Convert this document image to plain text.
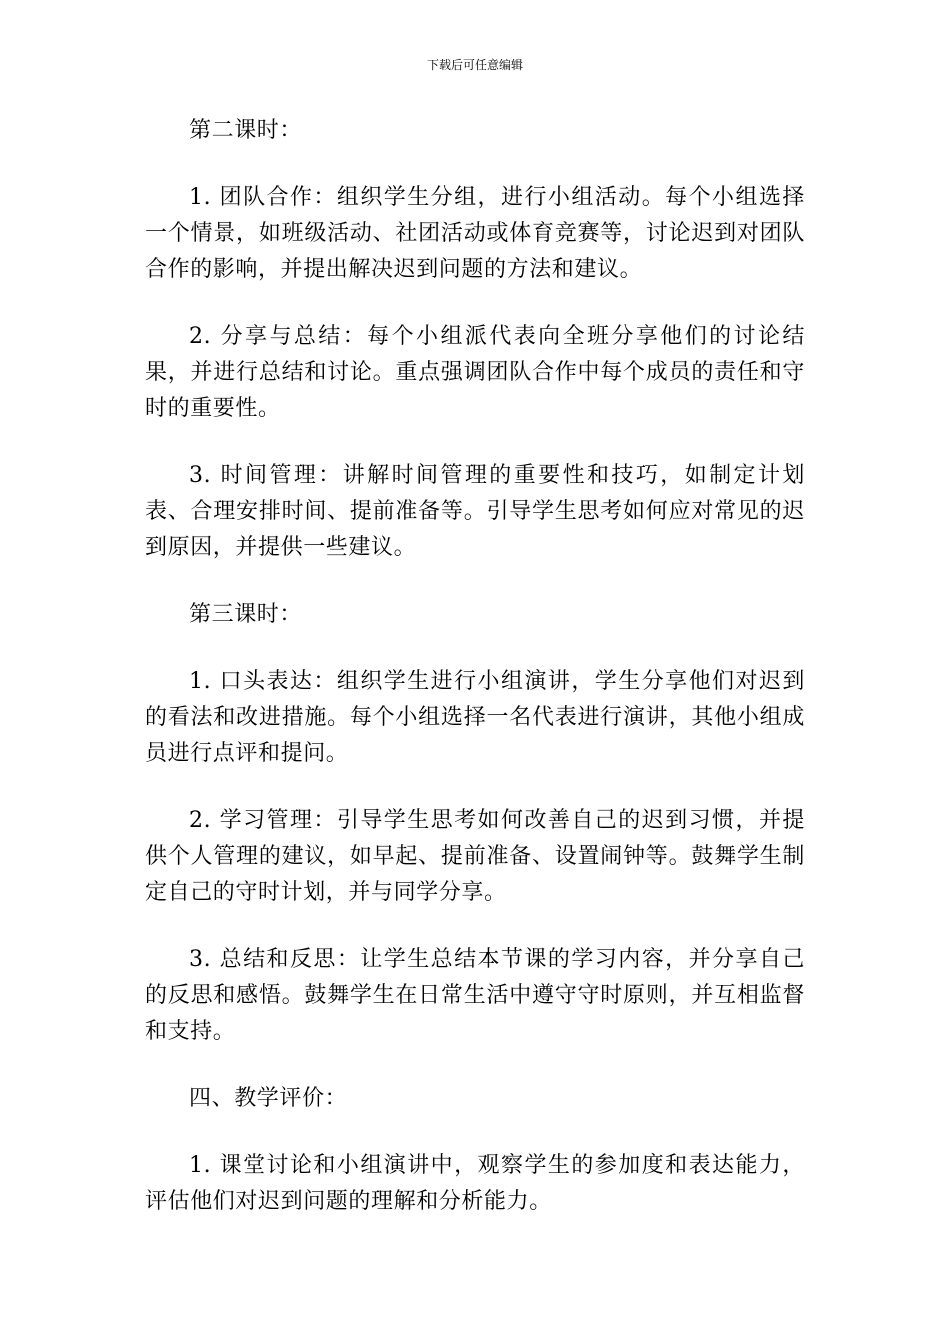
下载后可任意编辑

第二课时：

1. 团队合作：组织学生分组，进行小组活动。每个小组选择一个情景，如班级活动、社团活动或体育竞赛等，讨论迟到对团队合作的影响，并提出解决迟到问题的方法和建议。

2. 分享与总结：每个小组派代表向全班分享他们的讨论结果，并进行总结和讨论。重点强调团队合作中每个成员的责任和守时的重要性。

3. 时间管理：讲解时间管理的重要性和技巧，如制定计划表、合理安排时间、提前准备等。引导学生思考如何应对常见的迟到原因，并提供一些建议。

第三课时：

1. 口头表达：组织学生进行小组演讲，学生分享他们对迟到的看法和改进措施。每个小组选择一名代表进行演讲，其他小组成员进行点评和提问。

2. 学习管理：引导学生思考如何改善自己的迟到习惯，并提供个人管理的建议，如早起、提前准备、设置闹钟等。鼓舞学生制定自己的守时计划，并与同学分享。

3. 总结和反思：让学生总结本节课的学习内容，并分享自己的反思和感悟。鼓舞学生在日常生活中遵守守时原则，并互相监督和支持。

四、教学评价：

1. 课堂讨论和小组演讲中，观察学生的参加度和表达能力，评估他们对迟到问题的理解和分析能力。
